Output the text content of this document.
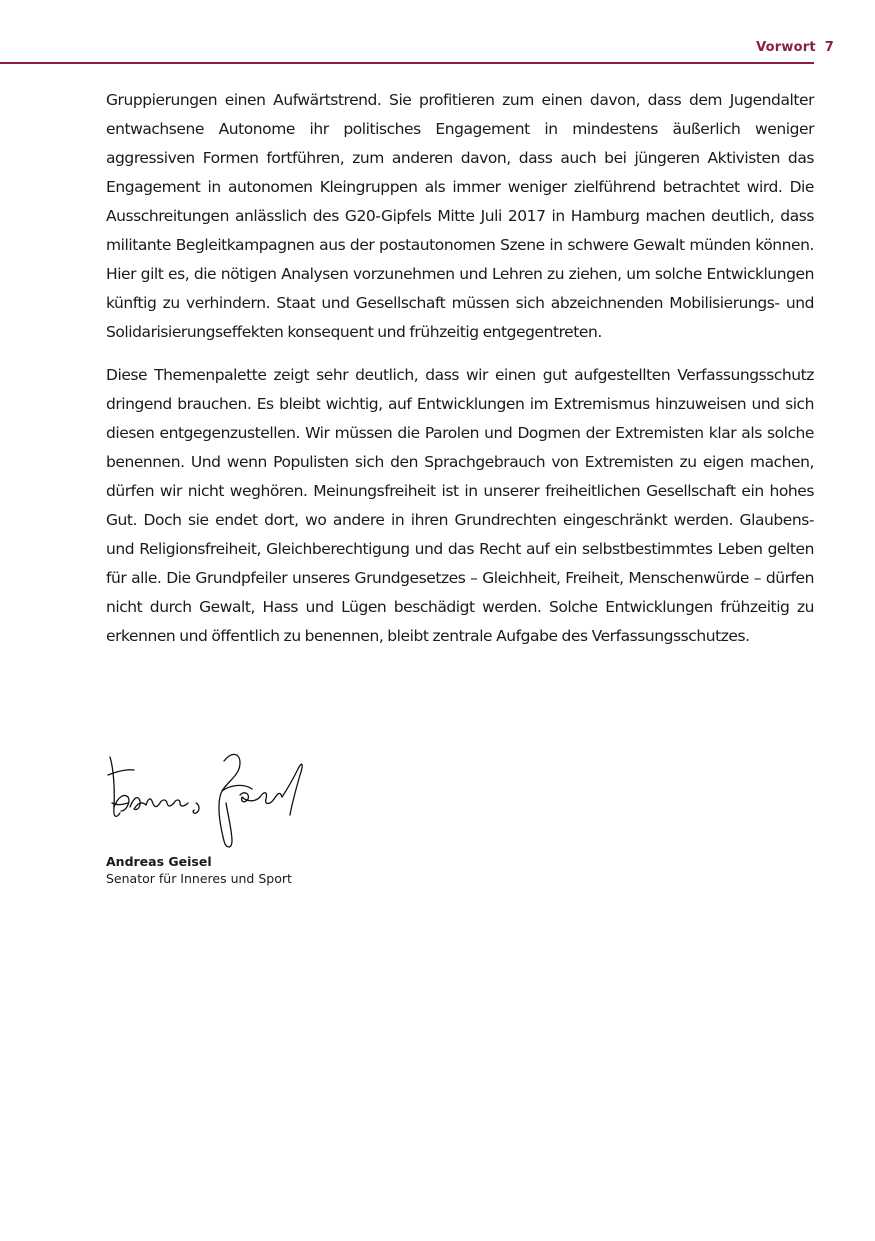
Vorwort 7

Gruppierungen einen Aufwärtstrend. Sie profitieren zum einen davon, dass dem Jugendalter entwachsene Autonome ihr politisches Engagement in mindestens äußerlich weniger aggressiven Formen fortführen, zum anderen davon, dass auch bei jüngeren Aktivisten das Engagement in autonomen Kleingruppen als immer weniger zielführend betrachtet wird. Die Ausschreitungen anlässlich des G20-Gipfels Mitte Juli 2017 in Hamburg machen deutlich, dass militante Begleitkampagnen aus der postautonomen Szene in schwere Gewalt münden können. Hier gilt es, die nötigen Analysen vorzunehmen und Lehren zu ziehen, um solche Entwicklungen künftig zu verhindern. Staat und Gesellschaft müssen sich abzeichnenden Mobilisierungs- und Solidarisierungseffekten konsequent und frühzeitig entgegentreten.

Diese Themenpalette zeigt sehr deutlich, dass wir einen gut aufgestellten Verfassungsschutz dringend brauchen. Es bleibt wichtig, auf Entwicklungen im Extremismus hinzuweisen und sich diesen entgegenzustellen. Wir müssen die Parolen und Dogmen der Extremisten klar als solche benennen. Und wenn Populisten sich den Sprachgebrauch von Extremisten zu eigen machen, dürfen wir nicht weghören. Meinungsfreiheit ist in unserer freiheitlichen Gesellschaft ein hohes Gut. Doch sie endet dort, wo andere in ihren Grundrechten eingeschränkt werden. Glaubens- und Religionsfreiheit, Gleichberechtigung und das Recht auf ein selbstbestimmtes Leben gelten für alle. Die Grundpfeiler unseres Grundgesetzes – Gleichheit, Freiheit, Menschenwürde – dürfen nicht durch Gewalt, Hass und Lügen beschädigt werden. Solche Entwicklungen frühzeitig zu erkennen und öffentlich zu benennen, bleibt zentrale Aufgabe des Verfassungsschutzes.

Andreas Geisel
Senator für Inneres und Sport
